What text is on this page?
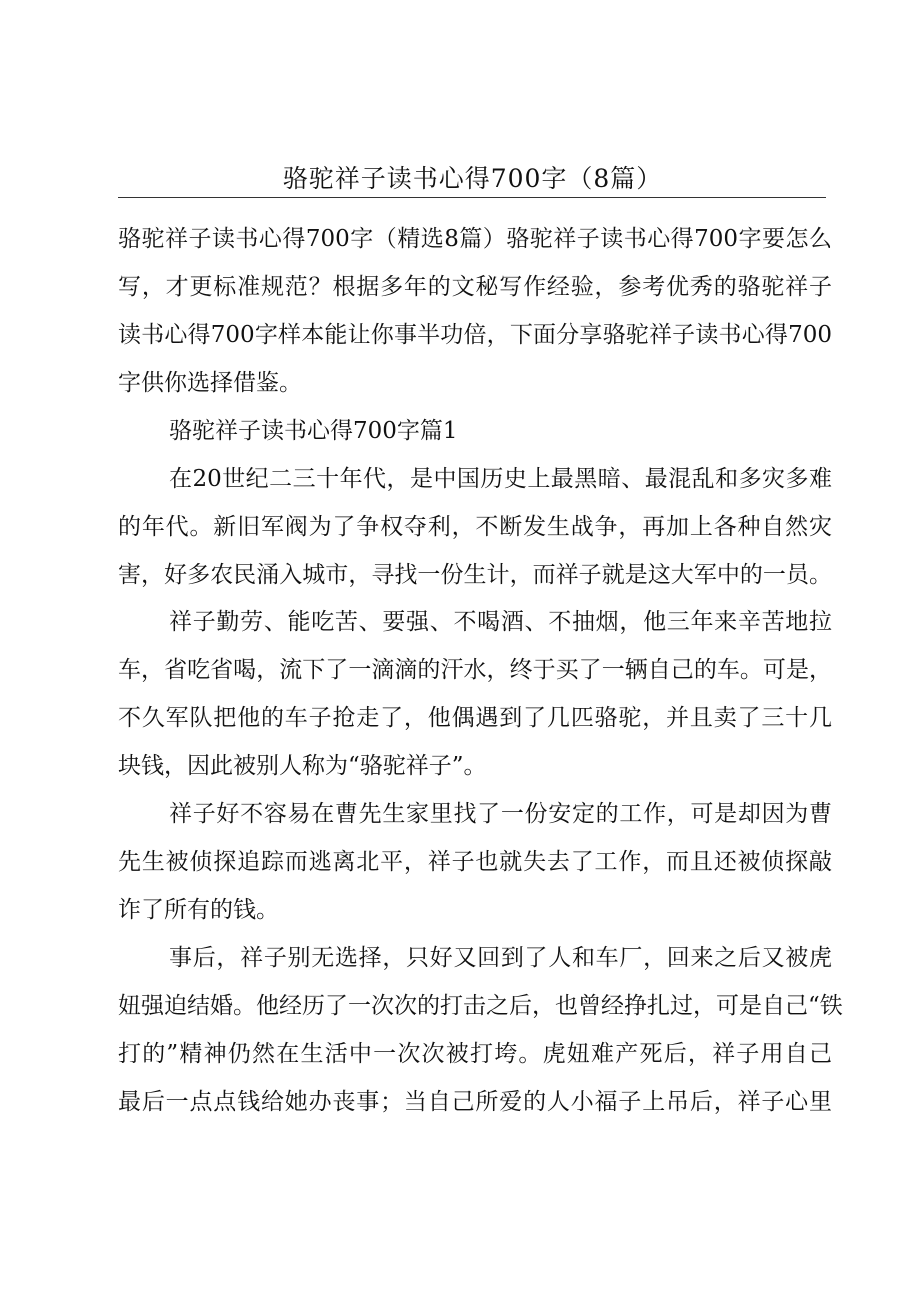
骆驼祥子读书心得700字（8篇）
骆驼祥子读书心得700字（精选8篇）骆驼祥子读书心得700字要怎么
写，才更标准规范？根据多年的文秘写作经验，参考优秀的骆驼祥子
读书心得700字样本能让你事半功倍，下面分享骆驼祥子读书心得700
字供你选择借鉴。
骆驼祥子读书心得700字篇1
在20世纪二三十年代，是中国历史上最黑暗、最混乱和多灾多难
的年代。新旧军阀为了争权夺利，不断发生战争，再加上各种自然灾
害，好多农民涌入城市，寻找一份生计，而祥子就是这大军中的一员。
祥子勤劳、能吃苦、要强、不喝酒、不抽烟，他三年来辛苦地拉
车，省吃省喝，流下了一滴滴的汗水，终于买了一辆自己的车。可是，
不久军队把他的车子抢走了，他偶遇到了几匹骆驼，并且卖了三十几
块钱，因此被别人称为“骆驼祥子”。
祥子好不容易在曹先生家里找了一份安定的工作，可是却因为曹
先生被侦探追踪而逃离北平，祥子也就失去了工作，而且还被侦探敲
诈了所有的钱。
事后，祥子别无选择，只好又回到了人和车厂，回来之后又被虎
妞强迫结婚。他经历了一次次的打击之后，也曾经挣扎过，可是自己“铁
打的”精神仍然在生活中一次次被打垮。虎妞难产死后，祥子用自己
最后一点点钱给她办丧事；当自己所爱的人小福子上吊后，祥子心里
